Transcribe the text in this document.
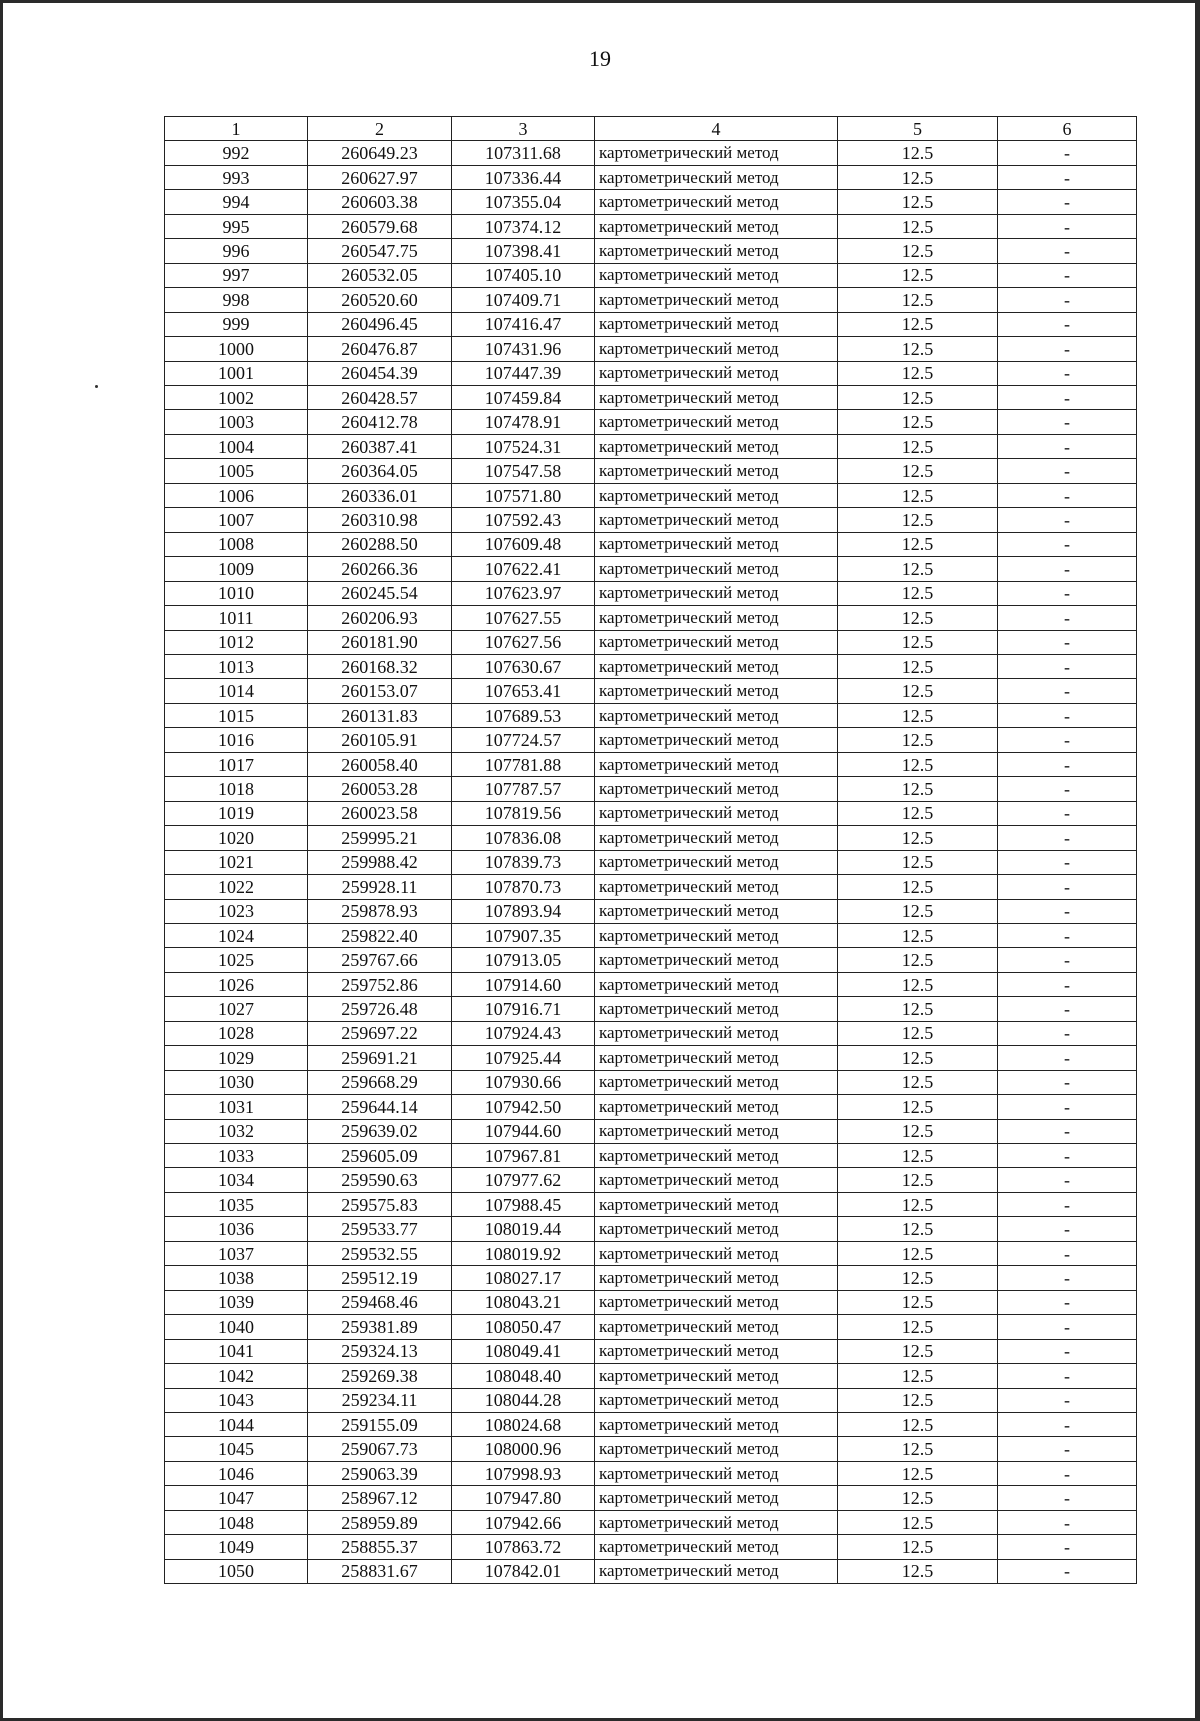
19
1	2	3	4	5	6
992	260649.23	107311.68	картометрический метод	12.5	-
993	260627.97	107336.44	картометрический метод	12.5	-
994	260603.38	107355.04	картометрический метод	12.5	-
995	260579.68	107374.12	картометрический метод	12.5	-
996	260547.75	107398.41	картометрический метод	12.5	-
997	260532.05	107405.10	картометрический метод	12.5	-
998	260520.60	107409.71	картометрический метод	12.5	-
999	260496.45	107416.47	картометрический метод	12.5	-
1000	260476.87	107431.96	картометрический метод	12.5	-
1001	260454.39	107447.39	картометрический метод	12.5	-
1002	260428.57	107459.84	картометрический метод	12.5	-
1003	260412.78	107478.91	картометрический метод	12.5	-
1004	260387.41	107524.31	картометрический метод	12.5	-
1005	260364.05	107547.58	картометрический метод	12.5	-
1006	260336.01	107571.80	картометрический метод	12.5	-
1007	260310.98	107592.43	картометрический метод	12.5	-
1008	260288.50	107609.48	картометрический метод	12.5	-
1009	260266.36	107622.41	картометрический метод	12.5	-
1010	260245.54	107623.97	картометрический метод	12.5	-
1011	260206.93	107627.55	картометрический метод	12.5	-
1012	260181.90	107627.56	картометрический метод	12.5	-
1013	260168.32	107630.67	картометрический метод	12.5	-
1014	260153.07	107653.41	картометрический метод	12.5	-
1015	260131.83	107689.53	картометрический метод	12.5	-
1016	260105.91	107724.57	картометрический метод	12.5	-
1017	260058.40	107781.88	картометрический метод	12.5	-
1018	260053.28	107787.57	картометрический метод	12.5	-
1019	260023.58	107819.56	картометрический метод	12.5	-
1020	259995.21	107836.08	картометрический метод	12.5	-
1021	259988.42	107839.73	картометрический метод	12.5	-
1022	259928.11	107870.73	картометрический метод	12.5	-
1023	259878.93	107893.94	картометрический метод	12.5	-
1024	259822.40	107907.35	картометрический метод	12.5	-
1025	259767.66	107913.05	картометрический метод	12.5	-
1026	259752.86	107914.60	картометрический метод	12.5	-
1027	259726.48	107916.71	картометрический метод	12.5	-
1028	259697.22	107924.43	картометрический метод	12.5	-
1029	259691.21	107925.44	картометрический метод	12.5	-
1030	259668.29	107930.66	картометрический метод	12.5	-
1031	259644.14	107942.50	картометрический метод	12.5	-
1032	259639.02	107944.60	картометрический метод	12.5	-
1033	259605.09	107967.81	картометрический метод	12.5	-
1034	259590.63	107977.62	картометрический метод	12.5	-
1035	259575.83	107988.45	картометрический метод	12.5	-
1036	259533.77	108019.44	картометрический метод	12.5	-
1037	259532.55	108019.92	картометрический метод	12.5	-
1038	259512.19	108027.17	картометрический метод	12.5	-
1039	259468.46	108043.21	картометрический метод	12.5	-
1040	259381.89	108050.47	картометрический метод	12.5	-
1041	259324.13	108049.41	картометрический метод	12.5	-
1042	259269.38	108048.40	картометрический метод	12.5	-
1043	259234.11	108044.28	картометрический метод	12.5	-
1044	259155.09	108024.68	картометрический метод	12.5	-
1045	259067.73	108000.96	картометрический метод	12.5	-
1046	259063.39	107998.93	картометрический метод	12.5	-
1047	258967.12	107947.80	картометрический метод	12.5	-
1048	258959.89	107942.66	картометрический метод	12.5	-
1049	258855.37	107863.72	картометрический метод	12.5	-
1050	258831.67	107842.01	картометрический метод	12.5	-
